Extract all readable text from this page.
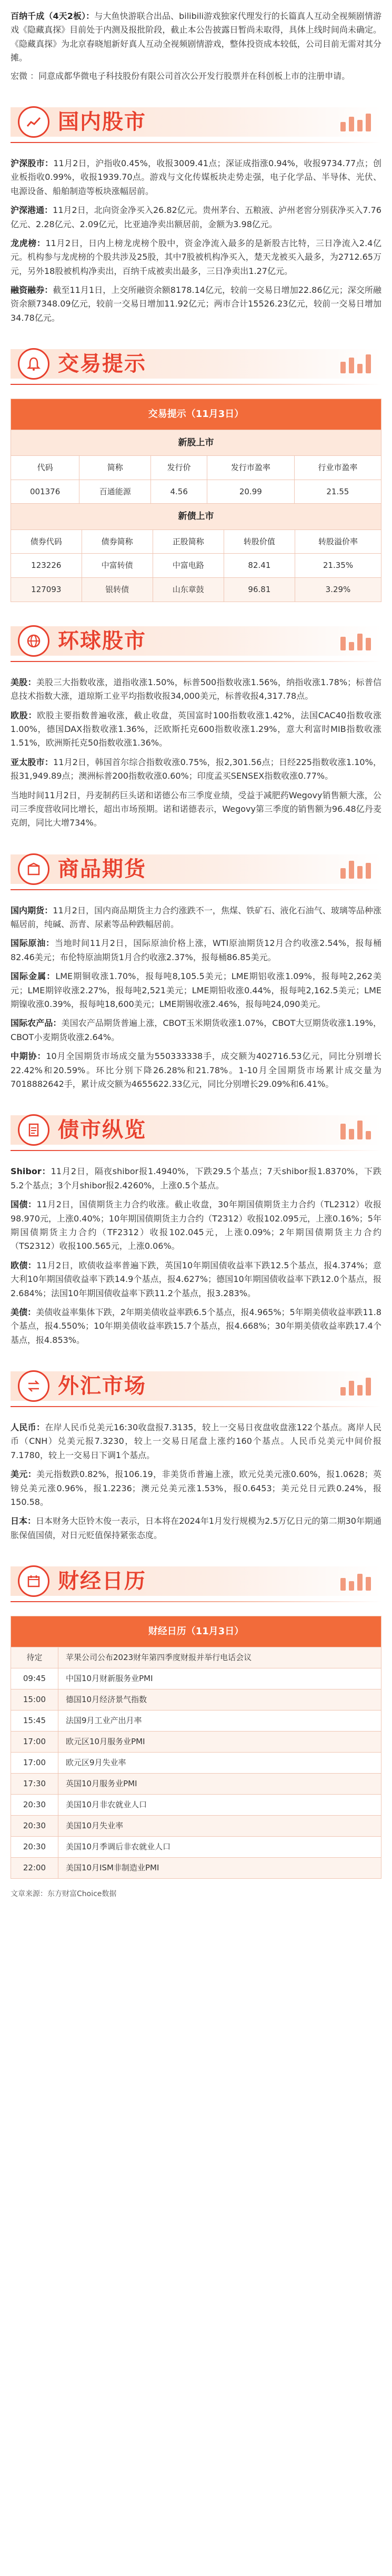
百纳千成（4天2板）：与大鱼快游联合出品、bilibili游戏独家代理发行的长篇真人互动全视频剧情游戏《隐藏真探》目前处于内测及报批阶段，截止本公告披露日暂尚未取得，具体上线时间尚未确定。《隐藏真探》为北京春晓旭新好真人互动全视频剧情游戏，整体投资成本较低，公司目前无需对其分摊。

宏微 ：同意成都华微电子科技股份有限公司首次公开发行股票并在科创板上市的注册申请。

国内股市

沪深股市：11月2日，沪指收0.45%，收报3009.41点；深证成指涨0.94%，收报9734.77点；创业板指收0.99%，收报1939.70点。游戏与文化传媒板块走势走强，电子化学品、半导体、光伏、电源设备、船舶制造等板块涨幅居前。

沪深港通：11月2日，北向资金净买入26.82亿元。贵州茅台、五粮液、泸州老窖分别获净买入7.76亿元、2.28亿元、2.09亿元，比亚迪净卖出额居前，金额为3.98亿元。

龙虎榜：11月2日，日内上榜龙虎榜个股中，资金净流入最多的是新股吉比特，三日净流入2.4亿元。机构参与龙虎榜的个股共涉及25股，其中7股被机构净买入，楚天龙被买入最多，为2712.65万元，另外18股被机构净卖出，百纳千成被卖出最多，三日净卖出1.27亿元。

融资融券：截至11月1日，上交所融资余额8178.14亿元，较前一交易日增加22.86亿元；深交所融资余额7348.09亿元，较前一交易日增加11.92亿元；两市合计15526.23亿元，较前一交易日增加34.78亿元。

交易提示
交易提示（11月3日）
新股上市
代码	简称	发行价	发行市盈率	行业市盈率
001376	百通能源	4.56	20.99	21.55
新债上市
债券代码	债券简称	正股简称	转股价值	转股溢价率
123226	中富转债	中富电路	82.41	21.35%
127093	银转债	山东章鼓	96.81	3.29%
环球股市

美股：美股三大指数收涨，道指收涨1.50%，标普500指数收涨1.56%，纳指收涨1.78%；标普信息技术指数大涨，道琼斯工业平均指数收报34,000美元，标普收报4,317.78点。

欧股：欧股主要指数普遍收涨，截止收盘，英国富时100指数收涨1.42%，法国CAC40指数收涨1.00%，德国DAX指数收涨1.36%，泛欧斯托克600指数收涨1.29%，意大利富时MIB指数收涨1.51%，欧洲斯托克50指数收涨1.36%。

亚太股市：11月2日，韩国首尔综合指数收涨0.75%，报2,301.56点；日经225指数收涨1.10%，报31,949.89点；澳洲标普200指数收涨0.60%；印度孟买SENSEX指数收涨0.77%。

当地时间11月2日，丹麦制药巨头诺和诺德公布三季度业绩，受益于减肥药Wegovy销售额大涨，公司三季度营收同比增长，超出市场预期。诺和诺德表示，Wegovy第三季度的销售额为96.48亿丹麦克朗，同比大增734%。

商品期货

国内期货：11月2日，国内商品期货主力合约涨跌不一，焦煤、铁矿石、液化石油气、玻璃等品种涨幅居前，纯碱、沥青、尿素等品种跌幅居前。

国际原油：当地时间11月2日，国际原油价格上涨，WTI原油期货12月合约收涨2.54%，报每桶82.46美元；布伦特原油期货1月合约收涨2.37%，报每桶86.85美元。

国际金属：LME期铜收涨1.70%，报每吨8,105.5美元；LME期铝收涨1.09%，报每吨2,262美元；LME期锌收涨2.27%，报每吨2,521美元；LME期铅收涨0.44%，报每吨2,162.5美元；LME期镍收涨0.39%，报每吨18,600美元；LME期锡收涨2.46%，报每吨24,090美元。

国际农产品：美国农产品期货普遍上涨，CBOT玉米期货收涨1.07%，CBOT大豆期货收涨1.19%，CBOT小麦期货收涨2.64%。

中期协：10月全国期货市场成交量为550333338手，成交额为402716.53亿元，同比分别增长22.42%和20.59%。环比分别下降26.28%和21.78%。1-10月全国期货市场累计成交量为7018882642手，累计成交额为4655622.33亿元，同比分别增长29.09%和6.41%。

债市纵览

Shibor：11月2日，隔夜shibor报1.4940%，下跌29.5个基点；7天shibor报1.8370%，下跌5.2个基点；3个月shibor报2.4260%，上涨0.5个基点。

国债：11月2日，国债期货主力合约收涨。截止收盘，30年期国债期货主力合约（TL2312）收报98.970元，上涨0.40%；10年期国债期货主力合约（T2312）收报102.095元，上涨0.16%；5年期国债期货主力合约（TF2312）收报102.045元，上涨0.09%；2年期国债期货主力合约（TS2312）收报100.565元，上涨0.06%。

欧债：11月2日，欧债收益率普遍下跌，英国10年期国债收益率下跌12.5个基点，报4.374%；意大利10年期国债收益率下跌14.9个基点，报4.627%；德国10年期国债收益率下跌12.0个基点，报2.684%；法国10年期国债收益率下跌11.2个基点，报3.283%。

美债：美债收益率集体下跌，2年期美债收益率跌6.5个基点，报4.965%；5年期美债收益率跌11.8个基点，报4.550%；10年期美债收益率跌15.7个基点，报4.668%；30年期美债收益率跌17.4个基点，报4.853%。

外汇市场

人民币：在岸人民币兑美元16:30收盘报7.3135，较上一交易日夜盘收盘涨122个基点。离岸人民币（CNH）兑美元报7.3230，较上一交易日尾盘上涨约160个基点。人民币兑美元中间价报7.1780，较上一交易日下调1个基点。

美元：美元指数跌0.82%，报106.19，非美货币普遍上涨，欧元兑美元涨0.60%，报1.0628；英镑兑美元涨0.96%，报1.2236；澳元兑美元涨1.53%，报0.6453；美元兑日元跌0.24%，报150.58。

日本：日本财务大臣铃木俊一表示，日本将在2024年1月发行规模为2.5万亿日元的第二期30年期通胀保值国债，对日元贬值保持紧张态度。

财经日历
财经日历（11月3日）
待定	苹果公司公布2023财年第四季度财报并举行电话会议
09:45	中国10月财新服务业PMI
15:00	德国10月经济景气指数
15:45	法国9月工业产出月率
17:00	欧元区10月服务业PMI
17:00	欧元区9月失业率
17:30	英国10月服务业PMI
20:30	美国10月非农就业人口
20:30	美国10月失业率
20:30	美国10月季调后非农就业人口
22:00	美国10月ISM非制造业PMI
文章来源：东方财富Choice数据
